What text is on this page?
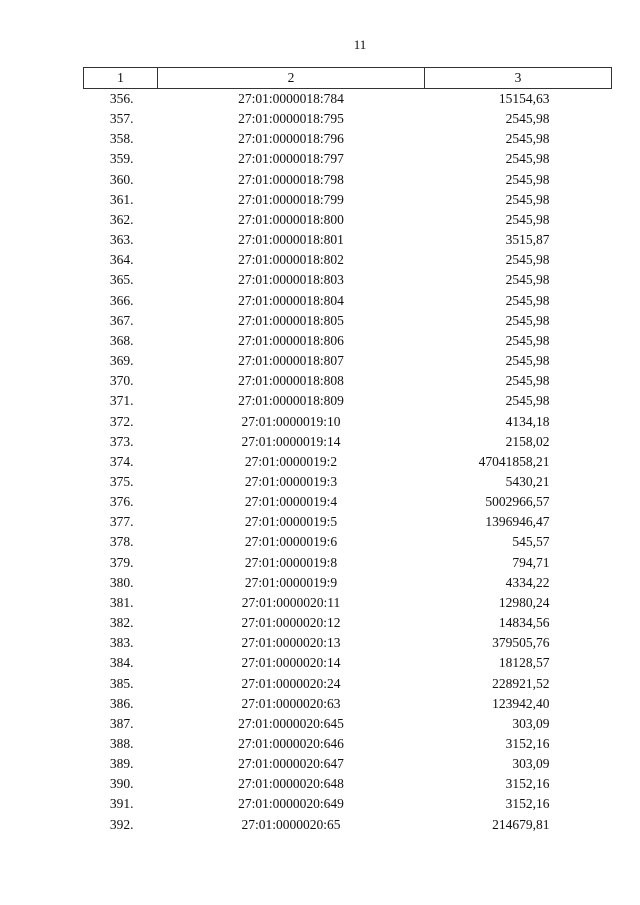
11
1	2	3
356.	27:01:0000018:784	15154,63
357.	27:01:0000018:795	2545,98
358.	27:01:0000018:796	2545,98
359.	27:01:0000018:797	2545,98
360.	27:01:0000018:798	2545,98
361.	27:01:0000018:799	2545,98
362.	27:01:0000018:800	2545,98
363.	27:01:0000018:801	3515,87
364.	27:01:0000018:802	2545,98
365.	27:01:0000018:803	2545,98
366.	27:01:0000018:804	2545,98
367.	27:01:0000018:805	2545,98
368.	27:01:0000018:806	2545,98
369.	27:01:0000018:807	2545,98
370.	27:01:0000018:808	2545,98
371.	27:01:0000018:809	2545,98
372.	27:01:0000019:10	4134,18
373.	27:01:0000019:14	2158,02
374.	27:01:0000019:2	47041858,21
375.	27:01:0000019:3	5430,21
376.	27:01:0000019:4	5002966,57
377.	27:01:0000019:5	1396946,47
378.	27:01:0000019:6	545,57
379.	27:01:0000019:8	794,71
380.	27:01:0000019:9	4334,22
381.	27:01:0000020:11	12980,24
382.	27:01:0000020:12	14834,56
383.	27:01:0000020:13	379505,76
384.	27:01:0000020:14	18128,57
385.	27:01:0000020:24	228921,52
386.	27:01:0000020:63	123942,40
387.	27:01:0000020:645	303,09
388.	27:01:0000020:646	3152,16
389.	27:01:0000020:647	303,09
390.	27:01:0000020:648	3152,16
391.	27:01:0000020:649	3152,16
392.	27:01:0000020:65	214679,81
